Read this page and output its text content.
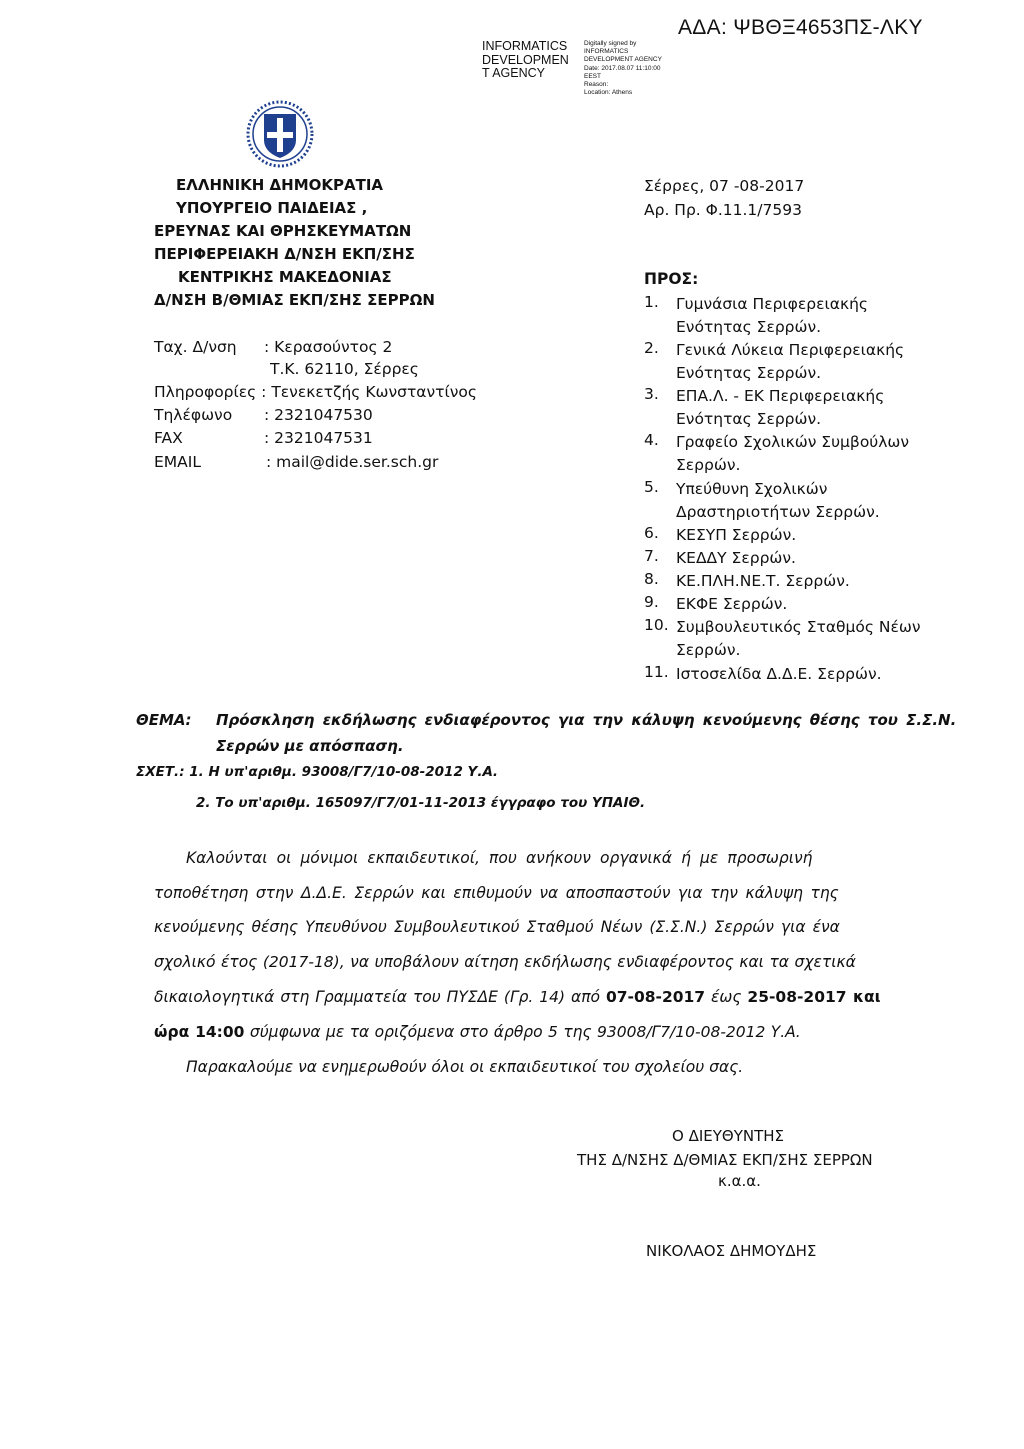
ΑΔΑ: ΨΒΘΞ4653ΠΣ-ΛΚΥ
INFORMATICS
DEVELOPMEN
T AGENCY
Digitally signed by
INFORMATICS
DEVELOPMENT AGENCY
Date: 2017.08.07 11:10:00
EEST
Reason:
Location: Athens
ΕΛΛΗΝΙΚΗ ΔΗΜΟΚΡΑΤΙΑ
ΥΠΟΥΡΓΕΙΟ ΠΑΙΔΕΙΑΣ ,
ΕΡΕΥΝΑΣ ΚΑΙ ΘΡΗΣΚΕΥΜΑΤΩΝ
ΠΕΡΙΦΕΡΕΙΑΚΗ Δ/ΝΣΗ ΕΚΠ/ΣΗΣ
ΚΕΝΤΡΙΚΗΣ ΜΑΚΕΔΟΝΙΑΣ
Δ/ΝΣΗ Β/ΘΜΙΑΣ ΕΚΠ/ΣΗΣ ΣΕΡΡΩΝ
Σέρρες, 07 -08-2017
Αρ. Πρ. Φ.11.1/7593
Ταχ. Δ/νση : Κερασούντος 2
Τ.Κ. 62110, Σέρρες
Πληροφορίες : Τενεκετζής Κωνσταντίνος
Τηλέφωνο : 2321047530
FAX	: 2321047531
EMAIL	: mail@dide.ser.sch.gr
ΠΡΟΣ:
1. Γυμνάσια Περιφερειακής
Ενότητας Σερρών.
2. Γενικά Λύκεια Περιφερειακής
Ενότητας Σερρών.
3. ΕΠΑ.Λ. - ΕΚ Περιφερειακής
Ενότητας Σερρών.
4. Γραφείο Σχολικών Συμβούλων
Σερρών.
5. Υπεύθυνη Σχολικών
Δραστηριοτήτων Σερρών.
6. ΚΕΣΥΠ Σερρών.
7. ΚΕΔΔΥ Σερρών.
8. ΚΕ.ΠΛΗ.ΝΕ.Τ. Σερρών.
9. ΕΚΦΕ Σερρών.
10. Συμβουλευτικός Σταθμός Νέων
Σερρών.
11. Ιστοσελίδα Δ.Δ.Ε. Σερρών.
ΘΕΜΑ: Πρόσκληση εκδήλωσης ενδιαφέροντος για την κάλυψη κενούμενης θέσης του Σ.Σ.Ν.
Σερρών με απόσπαση.
ΣΧΕΤ.: 1. Η υπ'αριθμ. 93008/Γ7/10-08-2012 Υ.Α.
2. Το υπ'αριθμ. 165097/Γ7/01-11-2013 έγγραφο του ΥΠΑΙΘ.
Καλούνται οι μόνιμοι εκπαιδευτικοί, που ανήκουν οργανικά ή με προσωρινή
τοποθέτηση στην Δ.Δ.Ε. Σερρών και επιθυμούν να αποσπαστούν για την κάλυψη της
κενούμενης θέσης Υπευθύνου Συμβουλευτικού Σταθμού Νέων (Σ.Σ.Ν.) Σερρών για ένα
σχολικό έτος (2017-18), να υποβάλουν αίτηση εκδήλωσης ενδιαφέροντος και τα σχετικά
δικαιολογητικά στη Γραμματεία του ΠΥΣΔΕ (Γρ. 14) από 07-08-2017 έως 25-08-2017 και
ώρα 14:00 σύμφωνα με τα οριζόμενα στο άρθρο 5 της 93008/Γ7/10-08-2012 Υ.Α.
Παρακαλούμε να ενημερωθούν όλοι οι εκπαιδευτικοί του σχολείου σας.
Ο ΔΙΕΥΘΥΝΤΗΣ
ΤΗΣ Δ/ΝΣΗΣ Δ/ΘΜΙΑΣ ΕΚΠ/ΣΗΣ ΣΕΡΡΩΝ
κ.α.α.
ΝΙΚΟΛΑΟΣ ΔΗΜΟΥΔΗΣ
